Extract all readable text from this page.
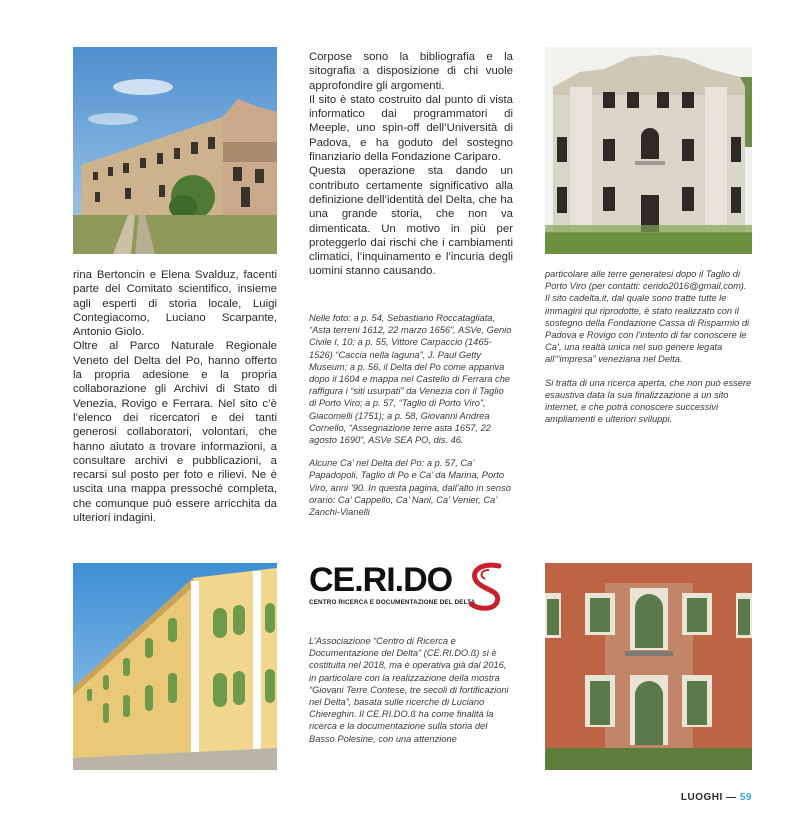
rina Bertoncin e Elena Svalduz, facenti parte del Comitato scientifico, insieme agli esperti di storia locale, Luigi Contegiacomo, Luciano Scarpante, Antonio Giolo.

Oltre al Parco Naturale Regionale Veneto del Delta del Po, hanno offerto la propria adesione e la propria collaborazione gli Archivi di Stato di Venezia, Rovigo e Ferrara. Nel sito c’è l’elenco dei ricercatori e dei tanti generosi collaboratori, volontari, che hanno aiutato a trovare informazioni, a consultare archivi e pubblicazioni, a recarsi sul posto per foto e rilievi. Ne è uscita una mappa pressoché completa, che comunque può essere arricchita da ulteriori indagini.

Corpose sono la bibliografia e la sitografia a disposizione di chi vuole approfondire gli argomenti.

Il sito è stato costruito dal punto di vista informatico dai programmatori di Meeple, uno spin-off dell’Università di Padova, e ha goduto del sostegno finanziario della Fondazione Cariparo.

Questa operazione sta dando un contributo certamente significativo alla definizione dell’identità del Delta, che ha una grande storia, che non va dimenticata. Un motivo in più per proteggerlo dai rischi che i cambiamenti climatici, l’inquinamento e l’incuria degli uomini stanno causando.

Nelle foto: a p. 54, Sebastiano Roccatagliata, “Asta terreni 1612, 22 marzo 1656”, ASVe, Genio Civile I, 10; a p. 55, Vittore Carpaccio (1465-1526) “Caccia nella laguna”, J. Paul Getty Museum; a p. 56, il Delta del Po come appariva dopo il 1604 e mappa nel Castello di Ferrara che raffigura i “siti usurpati” da Venezia con il Taglio di Porto Viro; a p. 57, “Taglio di Porto Viro”, Giacomelli (1751); a p. 58, Giovanni Andrea Cornello, “Assegnazione terre asta 1657, 22 agosto 1690”, ASVe SEA PO, dis. 46.

Alcune Ca’ nel Delta del Po: a p. 57, Ca’ Papadopoli, Taglio di Po e Ca’ da Marina, Porto Viro, anni ’90. In questa pagina, dall’alto in senso orario: Ca’ Cappello, Ca’ Nani, Ca’ Venier, Ca’ Zanchi-Vianelli

CE.RI.DO
CENTRO RICERCA E DOCUMENTAZIONE DEL DELTA

L’Associazione “Centro di Ricerca e Documentazione del Delta” (CE.RI.DO.ß) si è costituita nel 2018, ma è operativa già dal 2016, in particolare con la realizzazione della mostra “Giovani Terre Contese, tre secoli di fortificazioni nel Delta”, basata sulle ricerche di Luciano Chiereghin. Il CE.RI.DO.ß ha come finalità la ricerca e la documentazione sulla storia del Basso Polesine, con una attenzione

particolare alle terre generatesi dopo il Taglio di Porto Viro (per contatti: cerido2016@gmail.com). Il sito cadelta.it, dal quale sono tratte tutte le immagini qui riprodotte, è stato realizzato con il sostegno della Fondazione Cassa di Risparmio di Padova e Rovigo con l’intento di far conoscere le Ca’, una realtà unica nel suo genere legata all’“impresa” veneziana nel Delta.

Si tratta di una ricerca aperta, che non può essere esaustiva data la sua finalizzazione a un sito internet, e che potrà conoscere successivi ampliamenti e ulteriori sviluppi.

LUOGHI — 59
